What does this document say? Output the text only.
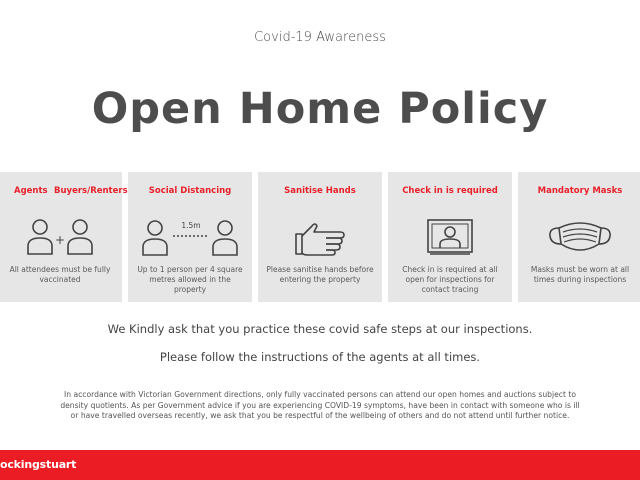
Covid-19 Awareness
Open Home Policy
Agents Buyers/Renters
+
All attendees must be fully vaccinated
Social Distancing
1.5m
Up to 1 person per 4 square metres allowed in the property
Sanitise Hands
Please sanitise hands before entering the property
Check in is required
Check in is required at all open for inspections for contact tracing
Mandatory Masks
Masks must be worn at all times during inspections
We Kindly ask that you practice these covid safe steps at our inspections.
Please follow the instructions of the agents at all times.
In accordance with Victorian Government directions, only fully vaccinated persons can attend our open homes and auctions subject to density quotients. As per Government advice if you are experiencing COVID-19 symptoms, have been in contact with someone who is ill or have travelled overseas recently, we ask that you be respectful of the wellbeing of others and do not attend until further notice.
ockingstuart
